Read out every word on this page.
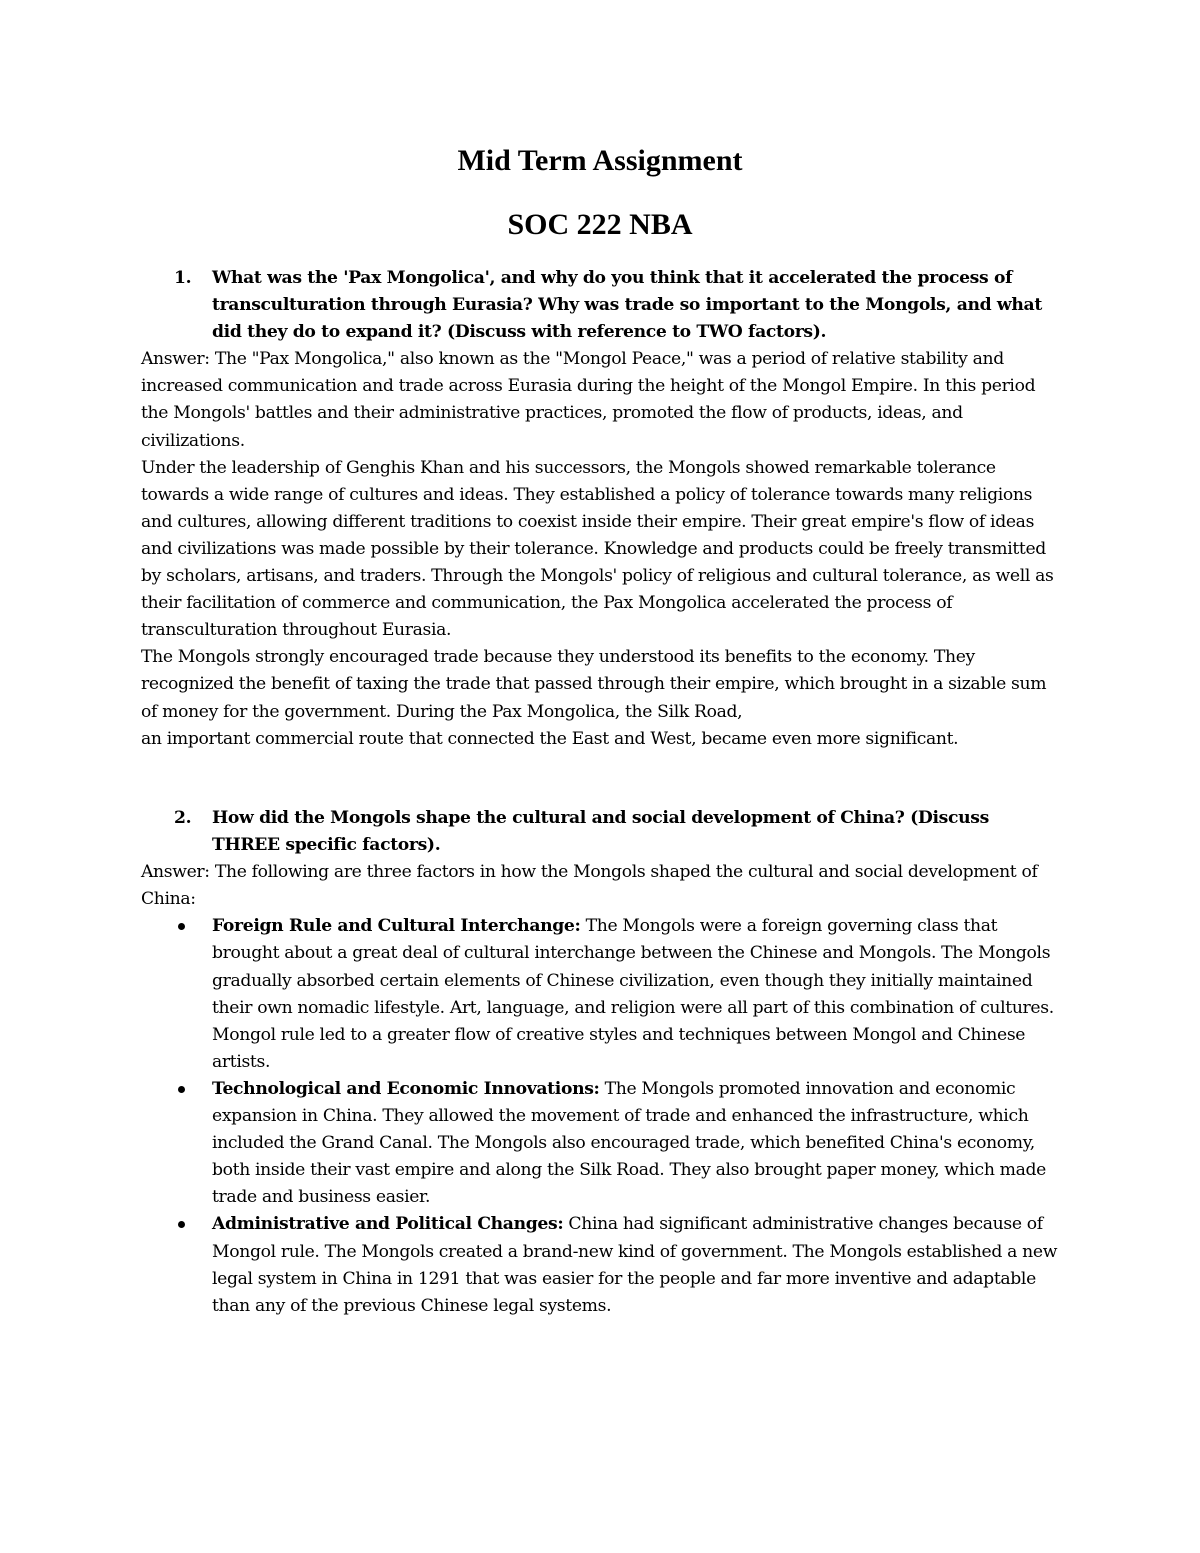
Mid Term Assignment
SOC 222 NBA
1. What was the 'Pax Mongolica', and why do you think that it accelerated the process of transculturation through Eurasia? Why was trade so important to the Mongols, and what did they do to expand it? (Discuss with reference to TWO factors).

Answer: The "Pax Mongolica," also known as the "Mongol Peace," was a period of relative stability and increased communication and trade across Eurasia during the height of the Mongol Empire. In this period the Mongols' battles and their administrative practices, promoted the flow of products, ideas, and civilizations.

Under the leadership of Genghis Khan and his successors, the Mongols showed remarkable tolerance towards a wide range of cultures and ideas. They established a policy of tolerance towards many religions and cultures, allowing different traditions to coexist inside their empire. Their great empire's flow of ideas and civilizations was made possible by their tolerance. Knowledge and products could be freely transmitted by scholars, artisans, and traders. Through the Mongols' policy of religious and cultural tolerance, as well as their facilitation of commerce and communication, the Pax Mongolica accelerated the process of transculturation throughout Eurasia.

The Mongols strongly encouraged trade because they understood its benefits to the economy. They recognized the benefit of taxing the trade that passed through their empire, which brought in a sizable sum of money for the government. During the Pax Mongolica, the Silk Road,

an important commercial route that connected the East and West, became even more significant.

2. How did the Mongols shape the cultural and social development of China? (Discuss THREE specific factors).

Answer: The following are three factors in how the Mongols shaped the cultural and social development of China:

Foreign Rule and Cultural Interchange: The Mongols were a foreign governing class that brought about a great deal of cultural interchange between the Chinese and Mongols. The Mongols gradually absorbed certain elements of Chinese civilization, even though they initially maintained their own nomadic lifestyle. Art, language, and religion were all part of this combination of cultures. Mongol rule led to a greater flow of creative styles and techniques between Mongol and Chinese artists.
Technological and Economic Innovations: The Mongols promoted innovation and economic expansion in China. They allowed the movement of trade and enhanced the infrastructure, which included the Grand Canal. The Mongols also encouraged trade, which benefited China's economy, both inside their vast empire and along the Silk Road. They also brought paper money, which made trade and business easier.
Administrative and Political Changes: China had significant administrative changes because of Mongol rule. The Mongols created a brand-new kind of government. The Mongols established a new legal system in China in 1291 that was easier for the people and far more inventive and adaptable than any of the previous Chinese legal systems.
